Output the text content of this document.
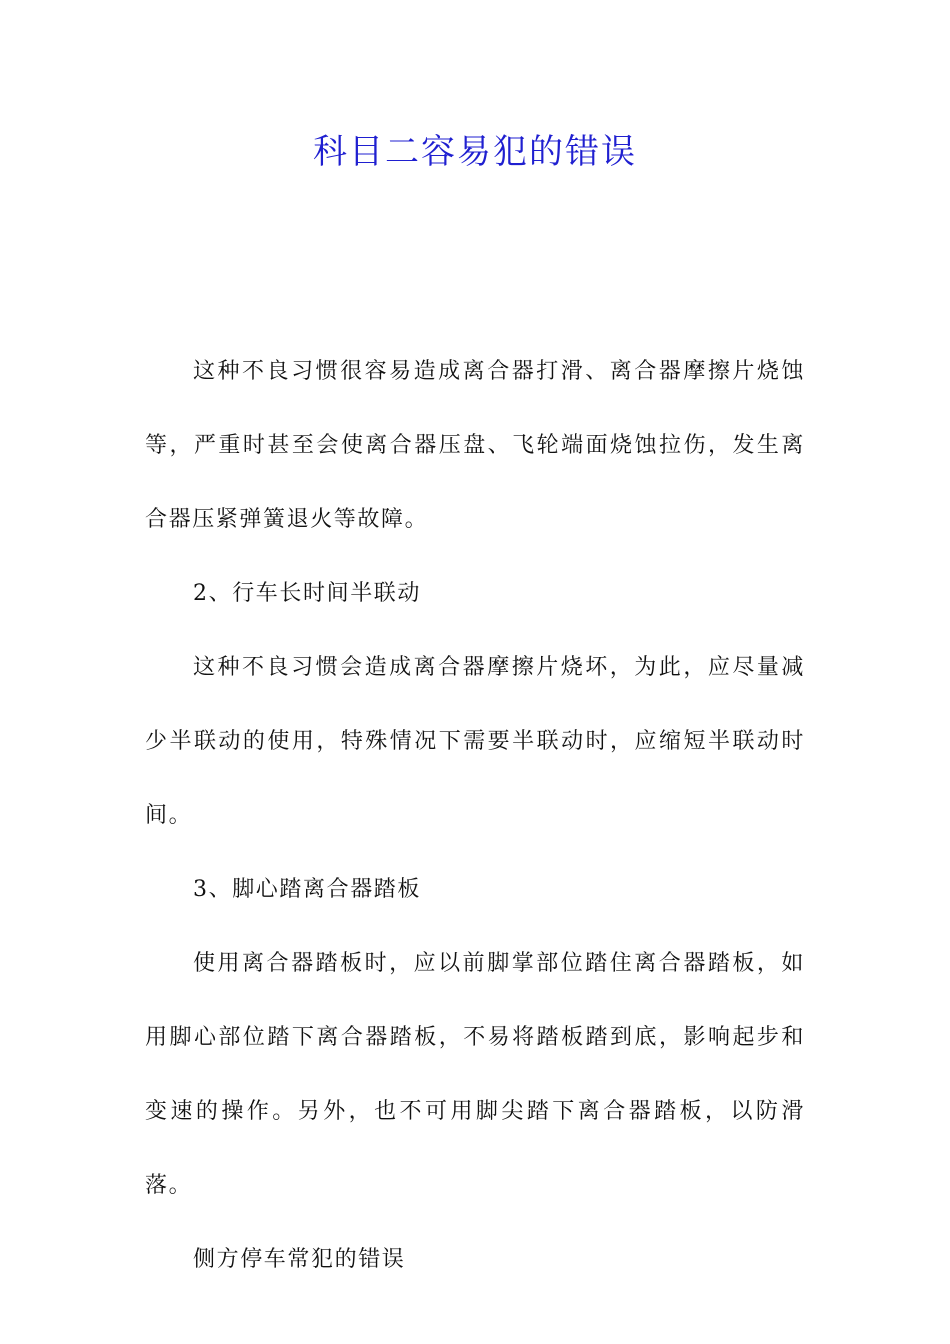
科目二容易犯的错误

这种不良习惯很容易造成离合器打滑、离合器摩擦片烧蚀等，严重时甚至会使离合器压盘、飞轮端面烧蚀拉伤，发生离合器压紧弹簧退火等故障。

2、行车长时间半联动

这种不良习惯会造成离合器摩擦片烧坏，为此，应尽量减少半联动的使用，特殊情况下需要半联动时，应缩短半联动时间。

3、脚心踏离合器踏板

使用离合器踏板时，应以前脚掌部位踏住离合器踏板，如用脚心部位踏下离合器踏板，不易将踏板踏到底，影响起步和变速的操作。另外，也不可用脚尖踏下离合器踏板，以防滑落。

侧方停车常犯的错误
